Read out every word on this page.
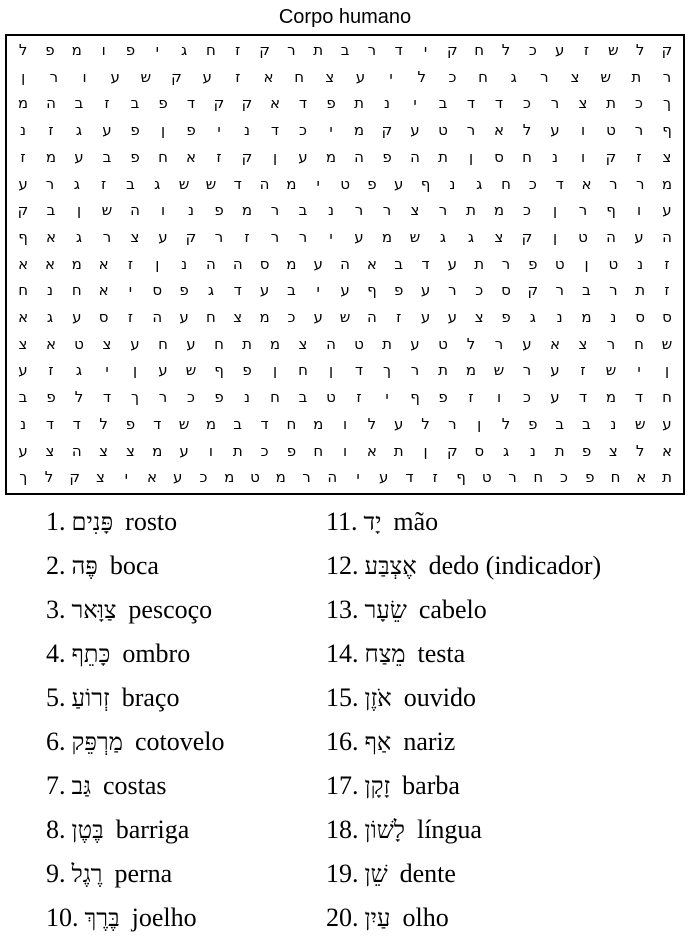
Corpo humano
ק
ל
ש
ז
ע
כ
ל
ח
ק
י
ד
ר
ב
ת
ר
ק
ז
ח
ג
י
פ
ו
מ
פ
ל
ר
ת
ש
צ
ר
ג
ח
כ
ל
י
ע
צ
ח
א
ז
ע
ק
ש
ע
ו
ר
ן
ך
כ
ת
צ
ר
כ
ד
ד
ב
י
נ
ת
פ
ד
א
ק
ק
ד
פ
ב
ז
ב
ה
מ
ף
ר
ט
ו
ע
ל
א
ר
ט
ע
ק
מ
י
כ
ד
נ
י
פ
ן
פ
ע
ג
ז
נ
צ
ז
ק
ו
נ
ח
ס
ן
ת
ה
פ
ה
מ
ע
ן
ק
ז
א
ח
פ
ב
ע
מ
ז
מ
ר
ר
א
ד
כ
ח
ג
נ
ף
ע
פ
ט
י
מ
ה
ד
ש
ש
ג
ב
ז
ג
ר
ע
ע
ו
ף
ר
ן
כ
מ
ת
ר
צ
ר
ר
נ
ב
ר
מ
פ
נ
ו
ה
ש
ן
ב
ק
ה
ע
ה
ט
ן
ק
צ
ג
ג
ש
מ
ע
י
ר
ר
ז
ר
ק
ע
צ
ר
ג
א
ף
ז
נ
ט
ן
ט
פ
ר
ת
ע
ד
ב
א
ה
ע
מ
ס
ה
ה
נ
ן
ז
א
מ
א
א
ז
ת
ר
ב
ר
ק
ס
כ
ר
ע
פ
ף
ע
י
ב
ע
ד
ג
פ
ס
י
א
ח
נ
ח
ס
ס
נ
מ
נ
ג
פ
צ
ע
ע
ז
ה
ש
ע
כ
מ
צ
ח
ע
ה
ז
ס
ע
ג
א
ש
ח
ר
צ
א
ע
ר
ל
ט
ע
ת
ט
ה
צ
מ
ת
ח
ע
ח
ע
צ
ט
א
צ
ן
י
ש
ז
ע
ר
ש
מ
ת
ר
ך
ד
ן
ח
ן
פ
ף
ש
ע
ן
י
ג
ז
ע
ח
ד
מ
ד
ע
כ
ו
ז
פ
ף
י
ז
ט
ב
ח
נ
פ
כ
ר
ך
ד
ל
פ
ב
ע
ש
נ
ב
ב
פ
ל
ן
ר
ל
ע
ל
ו
מ
ח
ד
ב
מ
ש
ד
פ
ל
ד
ד
נ
א
ל
צ
פ
ת
נ
ג
ס
ק
ן
ת
א
ו
ח
פ
כ
ת
ו
ע
מ
צ
צ
ה
צ
ע
ת
א
ח
פ
כ
ח
ר
ט
ף
ז
ד
ע
י
ה
ר
מ
ט
מ
כ
ע
א
י
צ
ק
ל
ך
1. פָּנִים rosto
2. פֶּה boca
3. צַוָּאר pescoço
4. כָּתֵף ombro
5. זְרוֹעַ braço
6. מַרְפֵּק cotovelo
7. גַּב costas
8. בֶּטֶן barriga
9. רֶגֶל perna
10. בֶּרֶךְ joelho
11. יָד mão
12. אֶצְבַּע dedo (indicador)
13. שֵׂעָר cabelo
14. מֵצַח testa
15. אֹזֶן ouvido
16. אַף nariz
17. זָקָן barba
18. לָשׁוֹן língua
19. שֵׁן dente
20. עַיִן olho
